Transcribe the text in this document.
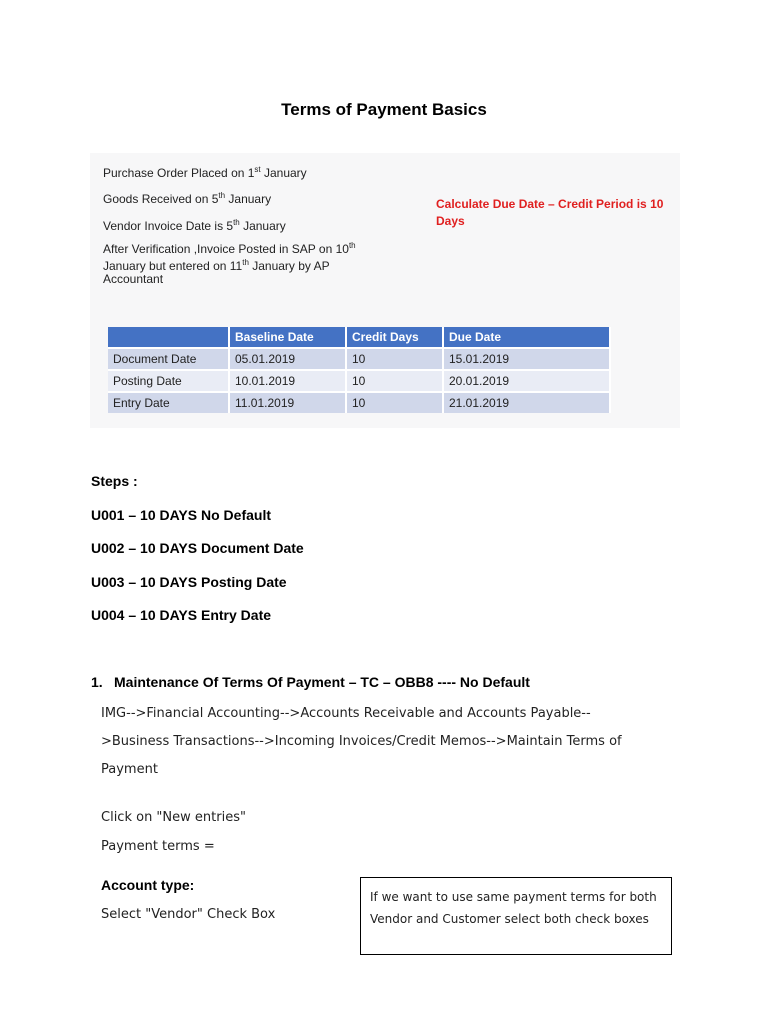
Terms of Payment Basics
Purchase Order Placed on 1st January
Goods Received on 5th January
Vendor Invoice Date is 5th January
After Verification ,Invoice Posted in SAP on 10th
January but entered on 11th January by AP
Accountant
Calculate Due Date – Credit Period is 10 Days
	Baseline Date	Credit Days	Due Date
Document Date	05.01.2019	10	15.01.2019
Posting Date	10.01.2019	10	20.01.2019
Entry Date	11.01.2019	10	21.01.2019
Steps :
U001 – 10 DAYS No Default
U002 – 10 DAYS Document Date
U003 – 10 DAYS Posting Date
U004 – 10 DAYS Entry Date
1. Maintenance Of Terms Of Payment – TC – OBB8 ---- No Default
IMG-->Financial Accounting-->Accounts Receivable and Accounts Payable--
>Business Transactions-->Incoming Invoices/Credit Memos-->Maintain Terms of
Payment
Click on "New entries"
Payment terms =
Account type:
Select "Vendor" Check Box
If we want to use same payment terms for both Vendor and Customer select both check boxes
